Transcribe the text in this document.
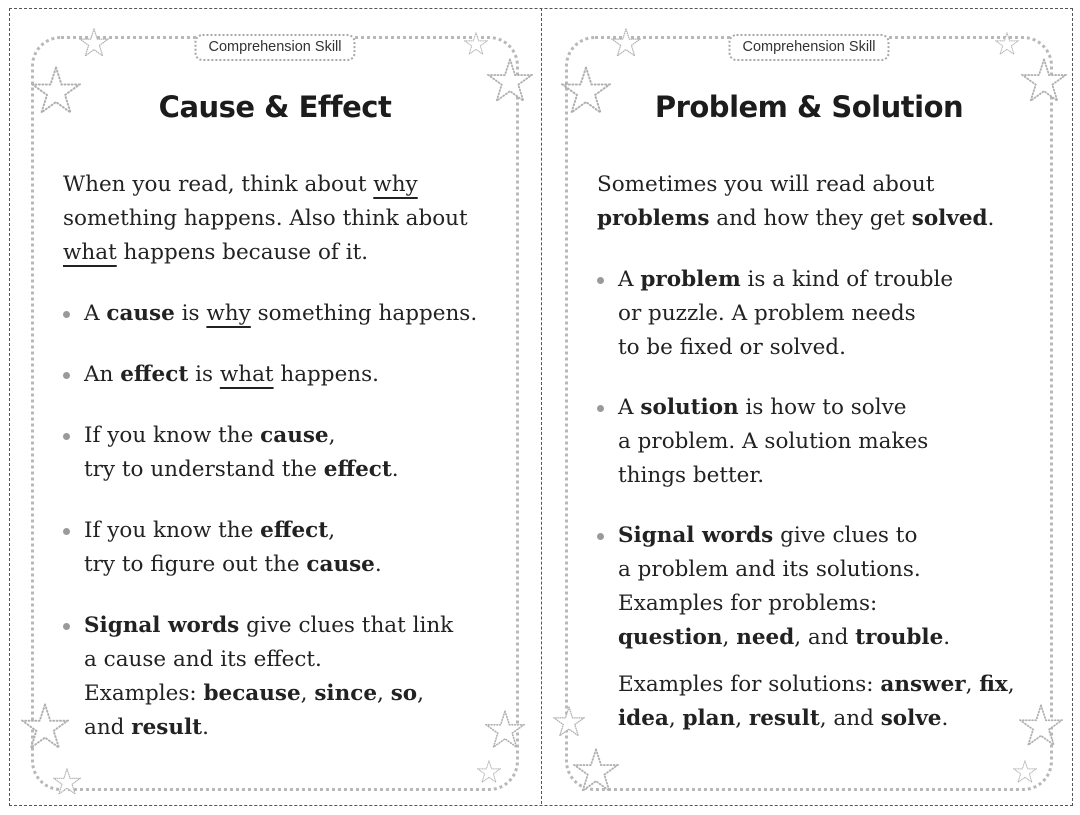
Comprehension Skill
Cause & Effect

When you read, think about why
something happens. Also think about
what happens because of it.

A cause is why something happens.
An effect is what happens.
If you know the cause,
try to understand the effect.
If you know the effect,
try to figure out the cause.
Signal words give clues that link
a cause and its effect.

Examples: because, since, so,
and result.

Comprehension Skill
Problem & Solution

Sometimes you will read about
problems and how they get solved.

A problem is a kind of trouble
or puzzle. A problem needs
to be fixed or solved.
A solution is how to solve
a problem. A solution makes
things better.
Signal words give clues to
a problem and its solutions.

Examples for problems:
question, need, and trouble.

Examples for solutions: answer, fix,
idea, plan, result, and solve.
